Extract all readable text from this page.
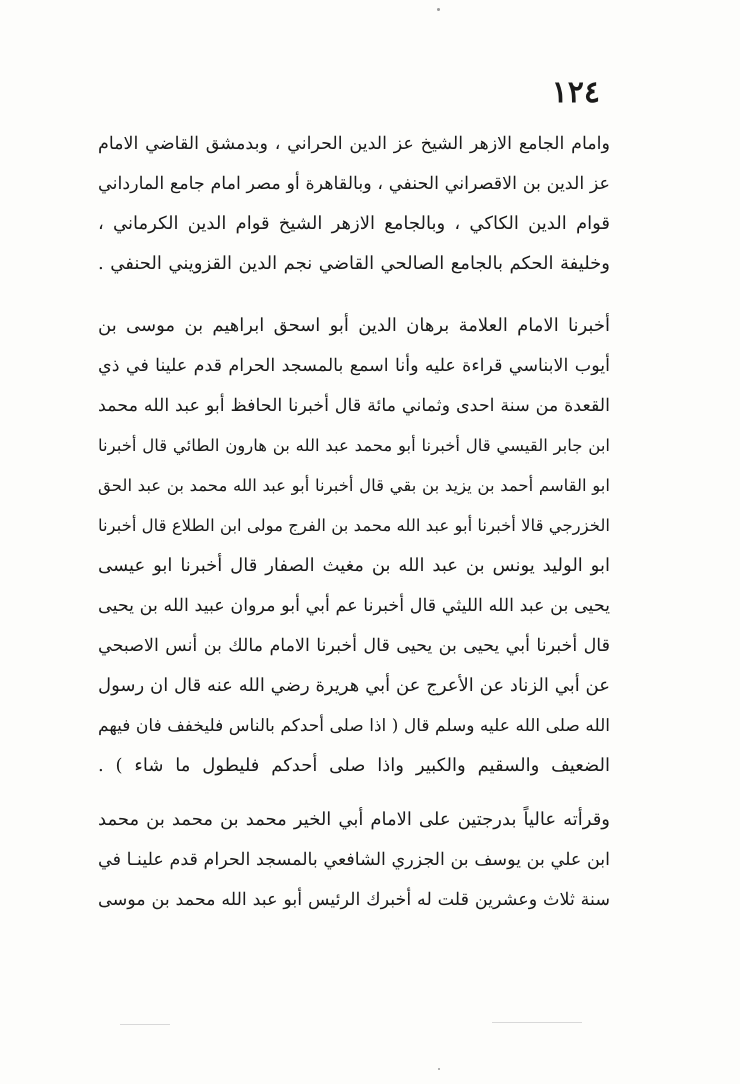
١٢٤
وامام الجامع الازهر الشيخ عز الدين الحراني ، وبدمشق القاضي الامام
عز الدين بن الاقصراني الحنفي ، وبالقاهرة أو مصر امام جامع المارداني
قوام الدين الكاكي ، وبالجامع الازهر الشيخ قوام الدين الكرماني ،
وخليفة الحكم بالجامع الصالحي القاضي نجم الدين القزويني الحنفي .
أخبرنا الامام العلامة برهان الدين أبو اسحق ابراهيم بن موسى بن
أيوب الابناسي قراءة عليه وأنا اسمع بالمسجد الحرام قدم علينا في ذي
القعدة من سنة احدى وثماني مائة قال أخبرنا الحافظ أبو عبد الله محمد
ابن جابر القيسي قال أخبرنا أبو محمد عبد الله بن هارون الطائي قال أخبرنا
ابو القاسم أحمد بن يزيد بن بقي قال أخبرنا أبو عبد الله محمد بن عبد الحق
الخزرجي قالا أخبرنا أبو عبد الله محمد بن الفرج مولى ابن الطلاع قال أخبرنا
ابو الوليد يونس بن عبد الله بن مغيث الصفار قال أخبرنا ابو عيسى
يحيى بن عبد الله الليثي قال أخبرنا عم أبي أبو مروان عبيد الله بن يحيى
قال أخبرنا أبي يحيى بن يحيى قال أخبرنا الامام مالك بن أنس الاصبحي
عن أبي الزناد عن الأعرج عن أبي هريرة رضي الله عنه قال ان رسول
الله صلى الله عليه وسلم قال ( اذا صلى أحدكم بالناس فليخفف فان فيهم
الضعيف والسقيم والكبير واذا صلى أحدكم فليطول ما شاء ) .
وقرأته عالياً بدرجتين على الامام أبي الخير محمد بن محمد بن محمد
ابن علي بن يوسف بن الجزري الشافعي بالمسجد الحرام قدم علينـا في
سنة ثلاث وعشرين قلت له أخبرك الرئيس أبو عبد الله محمد بن موسى
